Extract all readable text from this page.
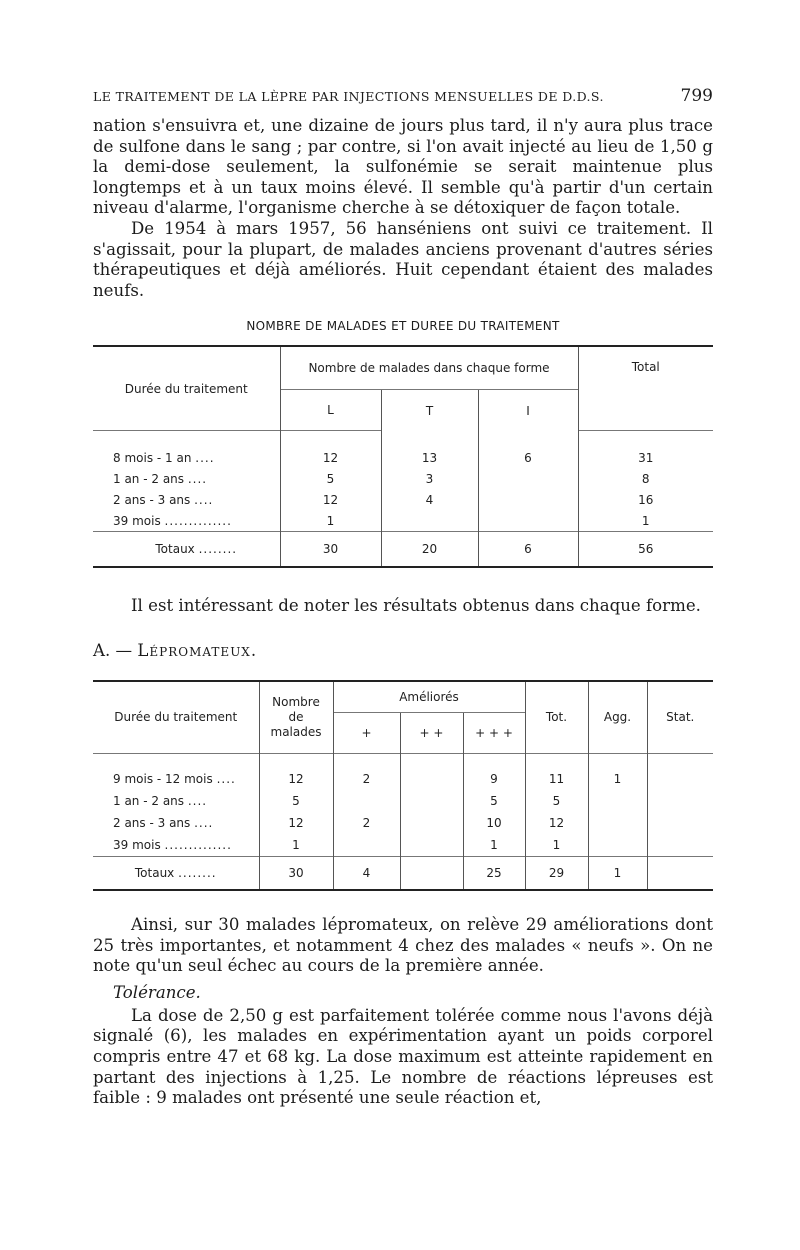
LE TRAITEMENT DE LA LÈPRE PAR INJECTIONS MENSUELLES DE D.D.S.	799

nation s'ensuivra et, une dizaine de jours plus tard, il n'y aura plus trace de sulfone dans le sang ; par contre, si l'on avait injecté au lieu de 1,50 g la demi-dose seulement, la sulfonémie se serait maintenue plus longtemps et à un taux moins élevé. Il semble qu'à partir d'un certain niveau d'alarme, l'organisme cherche à se détoxiquer de façon totale.

De 1954 à mars 1957, 56 hanséniens ont suivi ce traitement. Il s'agissait, pour la plupart, de malades anciens provenant d'autres séries thérapeutiques et déjà améliorés. Huit cependant étaient des malades neufs.

NOMBRE DE MALADES ET DUREE DU TRAITEMENT
Durée du traitement	Nombre de malades dans chaque forme			Total
	L	T	I	

8 mois - 1 an ....	12	13	6	31
1 an - 2 ans ....	5	3		8
2 ans - 3 ans ....	12	4		16
39 mois ..............	1			1
Totaux ........	30	20	6	56

Il est intéressant de noter les résultats obtenus dans chaque forme.

A. — Lépromateux.
Durée du traitement	Nombre
de
malades	Améliorés			Tot.	Agg.	Stat.
		+	+ +	+ + +			

9 mois - 12 mois ....	12	2		9	11	1	
1 an - 2 ans ....	5			5	5		
2 ans - 3 ans ....	12	2		10	12		
39 mois ..............	1			1	1		
Totaux ........	30	4		25	29	1	

Ainsi, sur 30 malades lépromateux, on relève 29 améliorations dont 25 très importantes, et notamment 4 chez des malades « neufs ». On ne note qu'un seul échec au cours de la première année.

Tolérance.

La dose de 2,50 g est parfaitement tolérée comme nous l'avons déjà signalé (6), les malades en expérimentation ayant un poids corporel compris entre 47 et 68 kg. La dose maximum est atteinte rapidement en partant des injections à 1,25. Le nombre de réactions lépreuses est faible : 9 malades ont présenté une seule réaction et,
